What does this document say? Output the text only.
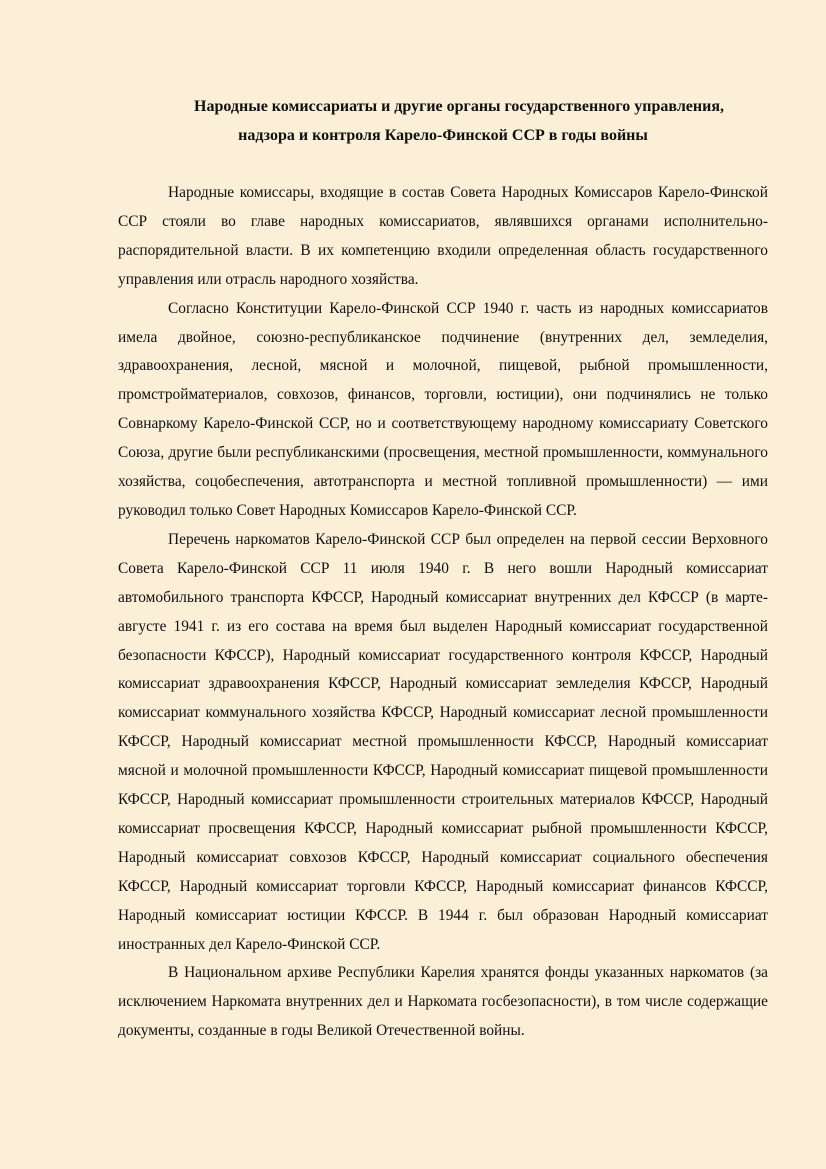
Народные комиссариаты и другие органы государственного управления,
надзора и контроля Карело-Финской ССР в годы войны

Народные комиссары, входящие в состав Совета Народных Комиссаров Карело-Финской ССР стояли во главе народных комиссариатов, являвшихся органами исполнительно-распорядительной власти. В их компетенцию входили определенная область государственного управления или отрасль народного хозяйства.

Согласно Конституции Карело-Финской ССР 1940 г. часть из народных комиссариатов имела двойное, союзно-республиканское подчинение (внутренних дел, земледелия, здравоохранения, лесной, мясной и молочной, пищевой, рыбной промышленности, промстройматериалов, совхозов, финансов, торговли, юстиции), они подчинялись не только Совнаркому Карело-Финской ССР, но и соответствующему народному комиссариату Советского Союза, другие были республиканскими (просвещения, местной промышленности, коммунального хозяйства, соцобеспечения, автотранспорта и местной топливной промышленности) — ими руководил только Совет Народных Комиссаров Карело-Финской ССР.

Перечень наркоматов Карело-Финской ССР был определен на первой сессии Верховного Совета Карело-Финской ССР 11 июля 1940 г. В него вошли Народный комиссариат автомобильного транспорта КФССР, Народный комиссариат внутренних дел КФССР (в марте-августе 1941 г. из его состава на время был выделен Народный комиссариат государственной безопасности КФССР), Народный комиссариат государственного контроля КФССР, Народный комиссариат здравоохранения КФССР, Народный комиссариат земледелия КФССР, Народный комиссариат коммунального хозяйства КФССР, Народный комиссариат лесной промышленности КФССР, Народный комиссариат местной промышленности КФССР, Народный комиссариат мясной и молочной промышленности КФССР, Народный комиссариат пищевой промышленности КФССР, Народный комиссариат промышленности строительных материалов КФССР, Народный комиссариат просвещения КФССР, Народный комиссариат рыбной промышленности КФССР, Народный комиссариат совхозов КФССР, Народный комиссариат социального обеспечения КФССР, Народный комиссариат торговли КФССР, Народный комиссариат финансов КФССР, Народный комиссариат юстиции КФССР. В 1944 г. был образован Народный комиссариат иностранных дел Карело-Финской ССР.

В Национальном архиве Республики Карелия хранятся фонды указанных наркоматов (за исключением Наркомата внутренних дел и Наркомата госбезопасности), в том числе содержащие документы, созданные в годы Великой Отечественной войны.
